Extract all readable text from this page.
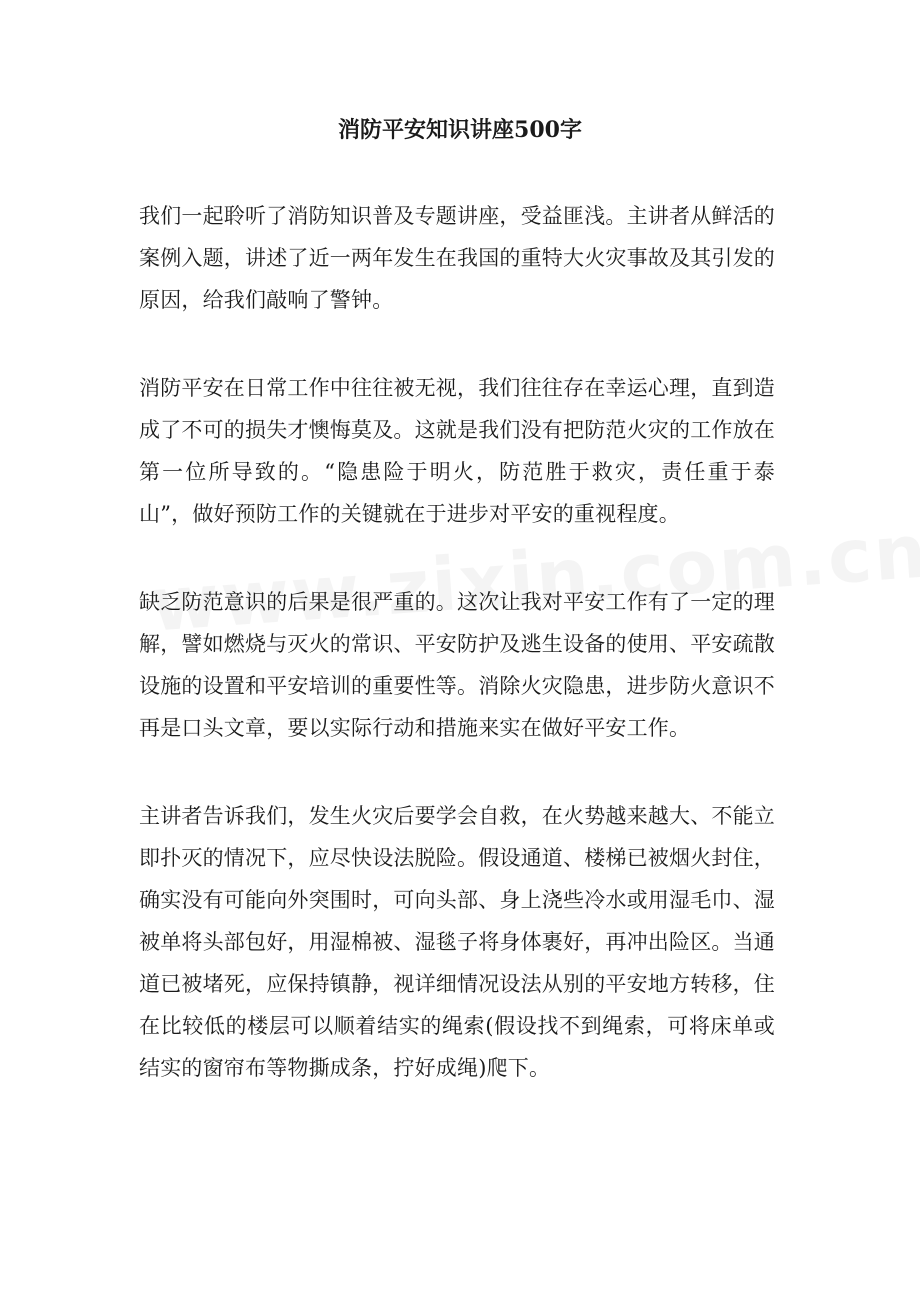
消防平安知识讲座500字

我们一起聆听了消防知识普及专题讲座，受益匪浅。主讲者从鲜活的案例入题，讲述了近一两年发生在我国的重特大火灾事故及其引发的原因，给我们敲响了警钟。

消防平安在日常工作中往往被无视，我们往往存在幸运心理，直到造成了不可的损失才懊悔莫及。这就是我们没有把防范火灾的工作放在第一位所导致的。“隐患险于明火，防范胜于救灾，责任重于泰山”，做好预防工作的关键就在于进步对平安的重视程度。

缺乏防范意识的后果是很严重的。这次让我对平安工作有了一定的理解，譬如燃烧与灭火的常识、平安防护及逃生设备的使用、平安疏散设施的设置和平安培训的重要性等。消除火灾隐患，进步防火意识不再是口头文章，要以实际行动和措施来实在做好平安工作。

主讲者告诉我们，发生火灾后要学会自救，在火势越来越大、不能立即扑灭的情况下，应尽快设法脱险。假设通道、楼梯已被烟火封住，确实没有可能向外突围时，可向头部、身上浇些冷水或用湿毛巾、湿被单将头部包好，用湿棉被、湿毯子将身体裹好，再冲出险区。当通道已被堵死，应保持镇静，视详细情况设法从别的平安地方转移，住在比较低的楼层可以顺着结实的绳索(假设找不到绳索，可将床单或结实的窗帘布等物撕成条，拧好成绳)爬下。
